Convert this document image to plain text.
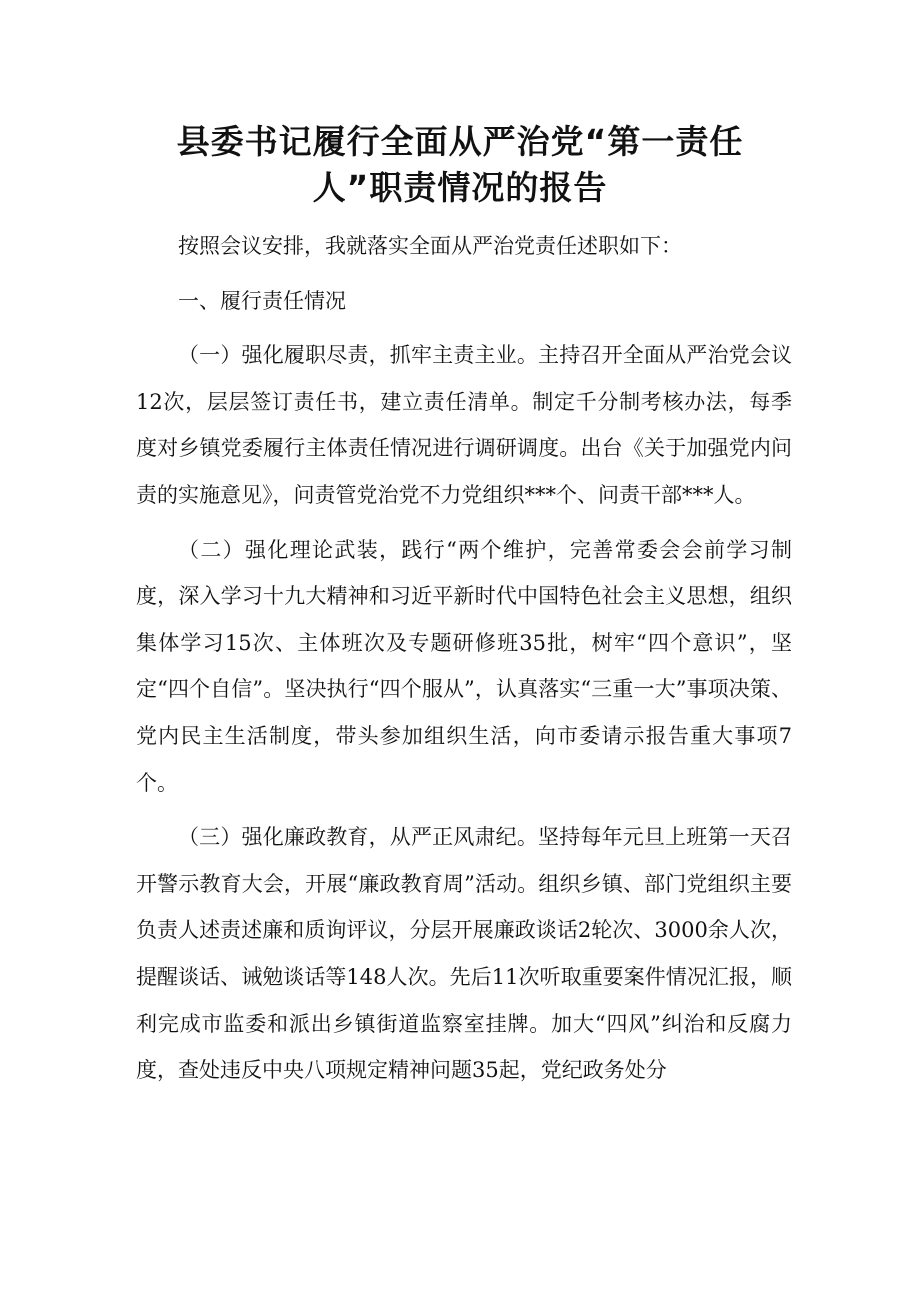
县委书记履行全面从严治党“第一责任
人”职责情况的报告

按照会议安排，我就落实全面从严治党责任述职如下：

一、履行责任情况

（一）强化履职尽责，抓牢主责主业。主持召开全面从严治党会议12次，层层签订责任书，建立责任清单。制定千分制考核办法，每季度对乡镇党委履行主体责任情况进行调研调度。出台《关于加强党内问责的实施意见》，问责管党治党不力党组织***个、问责干部***人。

（二）强化理论武装，践行“两个维护，完善常委会会前学习制度，深入学习十九大精神和习近平新时代中国特色社会主义思想，组织集体学习15次、主体班次及专题研修班35批，树牢“四个意识”，坚定“四个自信”。坚决执行“四个服从”，认真落实“三重一大”事项决策、党内民主生活制度，带头参加组织生活，向市委请示报告重大事项7个。

（三）强化廉政教育，从严正风肃纪。坚持每年元旦上班第一天召开警示教育大会，开展“廉政教育周”活动。组织乡镇、部门党组织主要负责人述责述廉和质询评议，分层开展廉政谈话2轮次、3000余人次，提醒谈话、诫勉谈话等148人次。先后11次听取重要案件情况汇报，顺利完成市监委和派出乡镇街道监察室挂牌。加大“四风”纠治和反腐力度，查处违反中央八项规定精神问题35起，党纪政务处分
